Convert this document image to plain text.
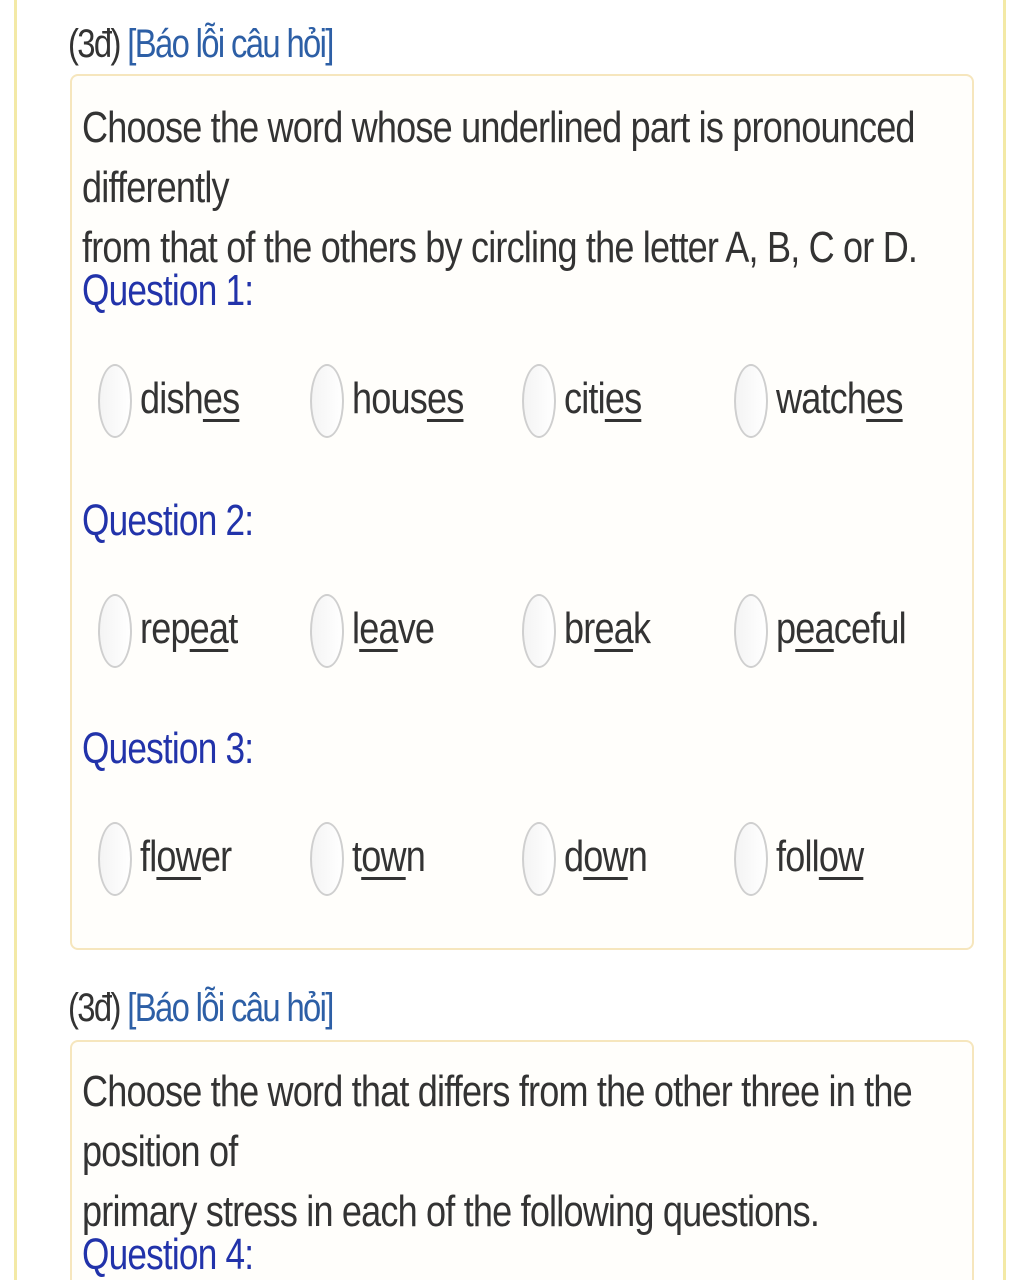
(3đ) [Báo lỗi câu hỏi]
Choose the word whose underlined part is pronounced differently
from that of the others by circling the letter A, B, C or D.
Question 1:
dishes	houses cities	watches
Question 2:
repeat	leave	break	peaceful
Question 3:
flower	town	down	follow
(3đ) [Báo lỗi câu hỏi]
Choose the word that differs from the other three in the position of
primary stress in each of the following questions.
Question 4:
